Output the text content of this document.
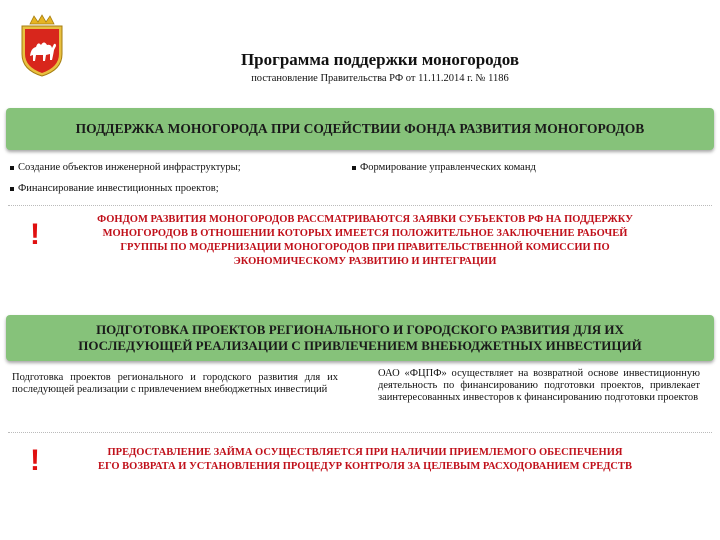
Программа поддержки моногородов
постановление Правительства РФ от 11.11.2014 г. № 1186
ПОДДЕРЖКА МОНОГОРОДА ПРИ СОДЕЙСТВИИ ФОНДА РАЗВИТИЯ МОНОГОРОДОВ
Создание объектов инженерной инфраструктуры;	Формирование управленческих команд
Финансирование инвестиционных проектов;
!	ФОНДОМ РАЗВИТИЯ МОНОГОРОДОВ РАССМАТРИВАЮТСЯ ЗАЯВКИ СУБЪЕКТОВ РФ НА ПОДДЕРЖКУ
МОНОГОРОДОВ В ОТНОШЕНИИ КОТОРЫХ ИМЕЕТСЯ ПОЛОЖИТЕЛЬНОЕ ЗАКЛЮЧЕНИЕ РАБОЧЕЙ
ГРУППЫ ПО МОДЕРНИЗАЦИИ МОНОГОРОДОВ ПРИ ПРАВИТЕЛЬСТВЕННОЙ КОМИССИИ ПО
ЭКОНОМИЧЕСКОМУ РАЗВИТИЮ И ИНТЕГРАЦИИ
ПОДГОТОВКА ПРОЕКТОВ РЕГИОНАЛЬНОГО И ГОРОДСКОГО РАЗВИТИЯ ДЛЯ ИХ
ПОСЛЕДУЮЩЕЙ РЕАЛИЗАЦИИ С ПРИВЛЕЧЕНИЕМ ВНЕБЮДЖЕТНЫХ ИНВЕСТИЦИЙ
Подготовка проектов регионального и городского развития для их последующей реализации с привлечением внебюджетных инвестиций
ОАО «ФЦПФ» осуществляет на возвратной основе инвестиционную деятельность по финансированию подготовки проектов, привлекает заинтересованных инвесторов к финансированию подготовки проектов
!	ПРЕДОСТАВЛЕНИЕ ЗАЙМА ОСУЩЕСТВЛЯЕТСЯ ПРИ НАЛИЧИИ ПРИЕМЛЕМОГО ОБЕСПЕЧЕНИЯ
ЕГО ВОЗВРАТА И УСТАНОВЛЕНИЯ ПРОЦЕДУР КОНТРОЛЯ ЗА ЦЕЛЕВЫМ РАСХОДОВАНИЕМ СРЕДСТВ
